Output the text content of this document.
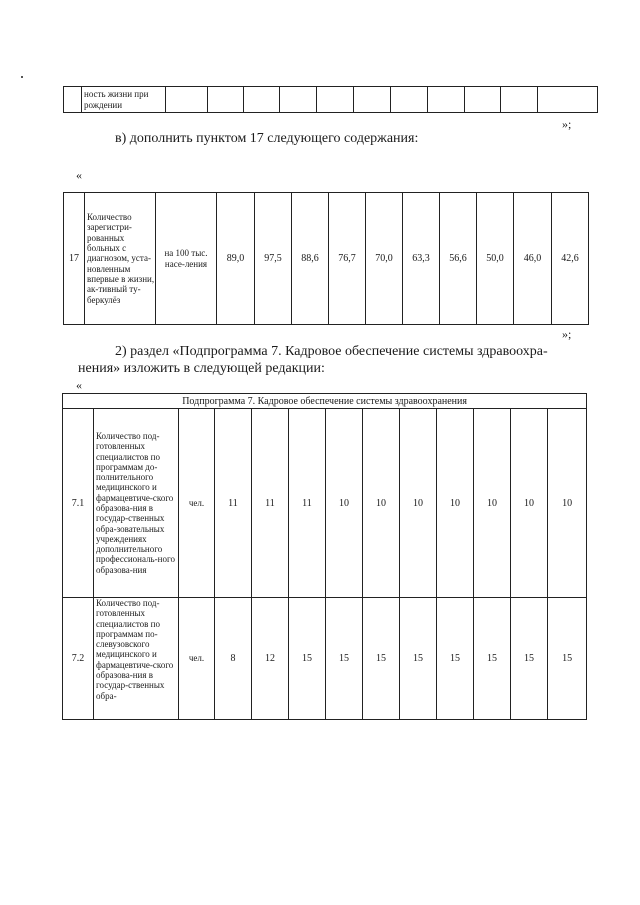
	ность жизни при рождении											
»;
в) дополнить пунктом 17 следующего содержания:
«
17	Количество зарегистри-рованных больных с диагнозом, уста-новленным впервые в жизни, ак-тивный ту-беркулёз	на 100 тыс. насе-ления	89,0	97,5	88,6	76,7	70,0	63,3	56,6	50,0	46,0	42,6
»;
2) раздел «Подпрограмма 7. Кадровое обеспечение системы здравоохра-
нения» изложить в следующей редакции:
«
Подпрограмма 7. Кадровое обеспечение системы здравоохранения												
7.1	Количество под-готовленных специалистов по программам до-полнительного медицинского и фармацевтиче-ского образова-ния в государ-ственных обра-зовательных учреждениях дополнительного профессиональ-ного образова-ния	чел.	11	11	11	10	10	10	10	10	10	10
7.2	Количество под-готовленных специалистов по программам по-слевузовского медицинского и фармацевтиче-ского образова-ния в государ-ственных обра-	чел.	8	12	15	15	15	15	15	15	15	15
